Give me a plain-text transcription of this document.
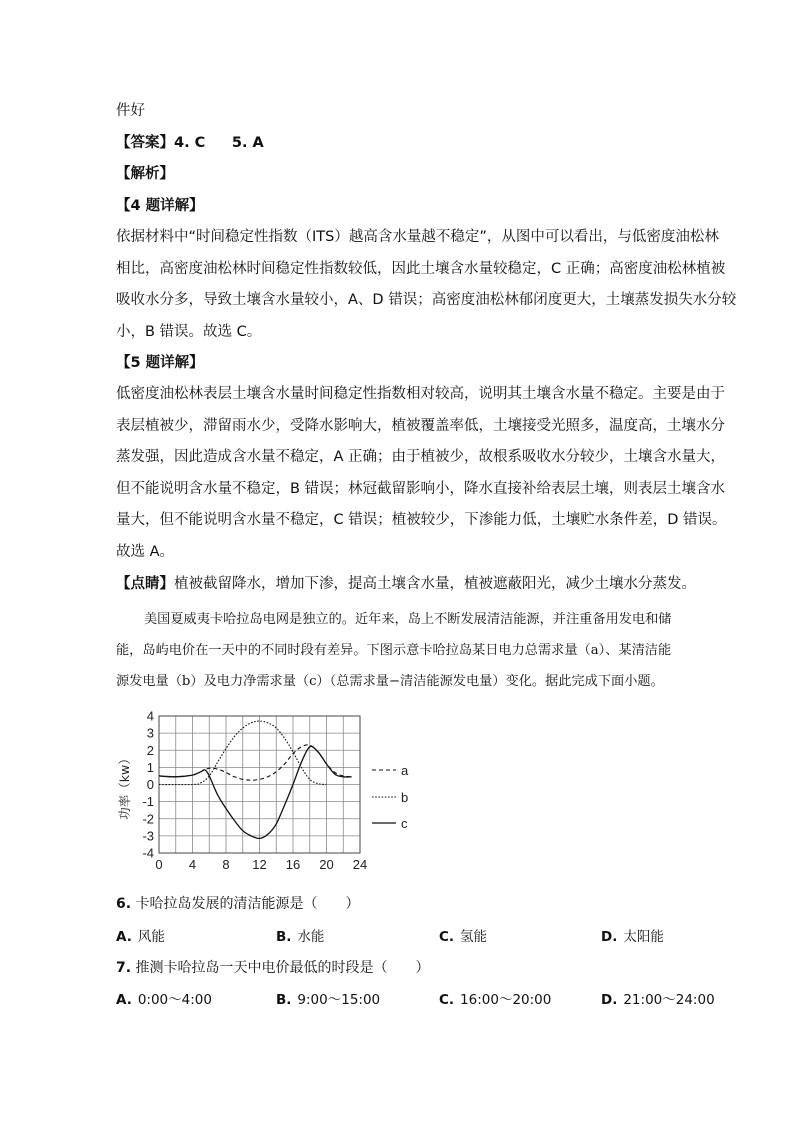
件好
【答案】4. C 5. A
【解析】
【4 题详解】
依据材料中“时间稳定性指数（ITS）越高含水量越不稳定”，从图中可以看出，与低密度油松林
相比，高密度油松林时间稳定性指数较低，因此土壤含水量较稳定，C 正确；高密度油松林植被
吸收水分多，导致土壤含水量较小，A、D 错误；高密度油松林郁闭度更大，土壤蒸发损失水分较
小，B 错误。故选 C。
【5 题详解】
低密度油松林表层土壤含水量时间稳定性指数相对较高，说明其土壤含水量不稳定。主要是由于
表层植被少，滞留雨水少，受降水影响大，植被覆盖率低，土壤接受光照多，温度高，土壤水分
蒸发强，因此造成含水量不稳定，A 正确；由于植被少，故根系吸收水分较少，土壤含水量大，
但不能说明含水量不稳定，B 错误；林冠截留影响小，降水直接补给表层土壤，则表层土壤含水
量大，但不能说明含水量不稳定，C 错误；植被较少，下渗能力低，土壤贮水条件差，D 错误。
故选 A。
【点睛】植被截留降水，增加下渗，提高土壤含水量，植被遮蔽阳光，减少土壤水分蒸发。
美国夏威夷卡哈拉岛电网是独立的。近年来，岛上不断发展清洁能源，并注重备用发电和储
能，岛屿电价在一天中的不同时段有差异。下图示意卡哈拉岛某日电力总需求量（a）、某清洁能
源发电量（b）及电力净需求量（c）（总需求量−清洁能源发电量）变化。据此完成下面小题。
0 4 8 12 16 20 24
4
3
2
1
0
-1
-2
-3
-4
功率（kw）	a
b
c
6. 卡哈拉岛发展的清洁能源是（　　）
A. 风能	B. 水能	C. 氢能	D. 太阳能
7. 推测卡哈拉岛一天中电价最低的时段是（　　）
A. 0:00～4:00	B. 9:00～15:00	C. 16:00～20:00	D. 21:00～24:00
